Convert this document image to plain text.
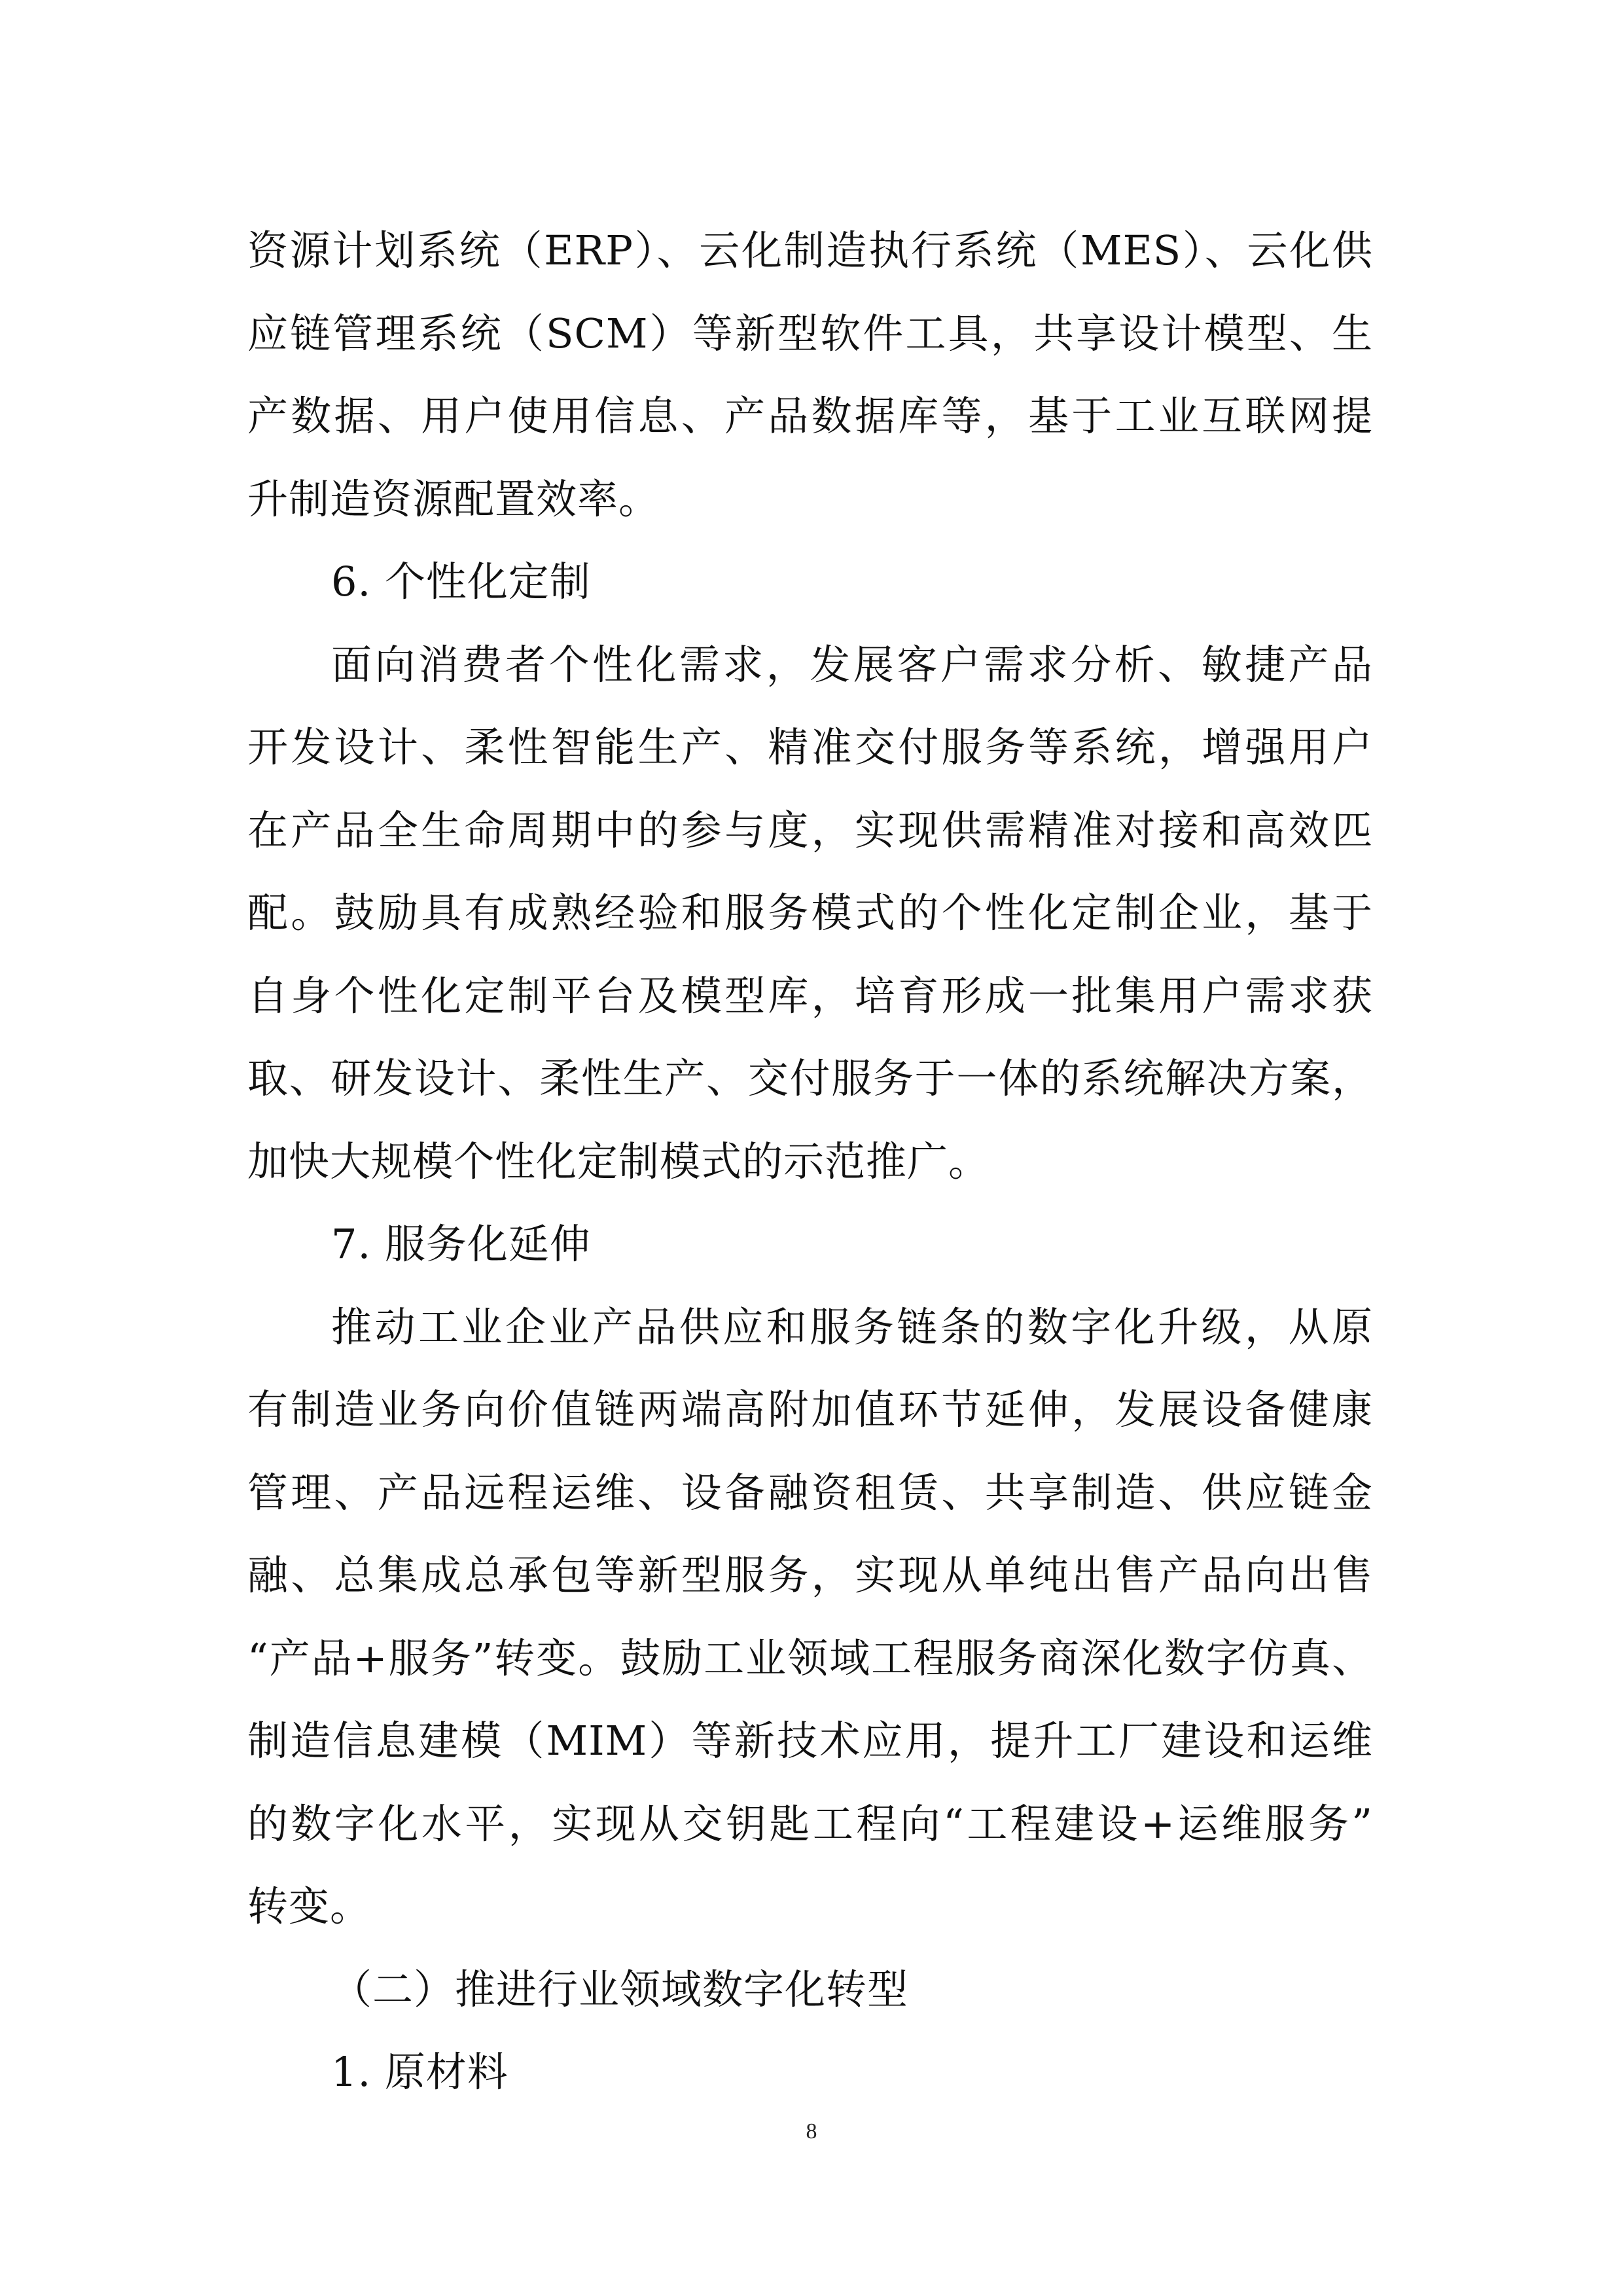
资源计划系统（ERP）、云化制造执行系统（MES）、云化供
应链管理系统（SCM）等新型软件工具，共享设计模型、生
产数据、用户使用信息、产品数据库等，基于工业互联网提
升制造资源配置效率。
6. 个性化定制
面向消费者个性化需求，发展客户需求分析、敏捷产品
开发设计、柔性智能生产、精准交付服务等系统，增强用户
在产品全生命周期中的参与度，实现供需精准对接和高效匹
配。鼓励具有成熟经验和服务模式的个性化定制企业，基于
自身个性化定制平台及模型库，培育形成一批集用户需求获
取、研发设计、柔性生产、交付服务于一体的系统解决方案，
加快大规模个性化定制模式的示范推广。
7. 服务化延伸
推动工业企业产品供应和服务链条的数字化升级，从原
有制造业务向价值链两端高附加值环节延伸，发展设备健康
管理、产品远程运维、设备融资租赁、共享制造、供应链金
融、总集成总承包等新型服务，实现从单纯出售产品向出售
“产品+服务”转变。鼓励工业领域工程服务商深化数字仿真、
制造信息建模（MIM）等新技术应用，提升工厂建设和运维
的数字化水平，实现从交钥匙工程向“工程建设+运维服务”
转变。
（二）推进行业领域数字化转型
1. 原材料
8
